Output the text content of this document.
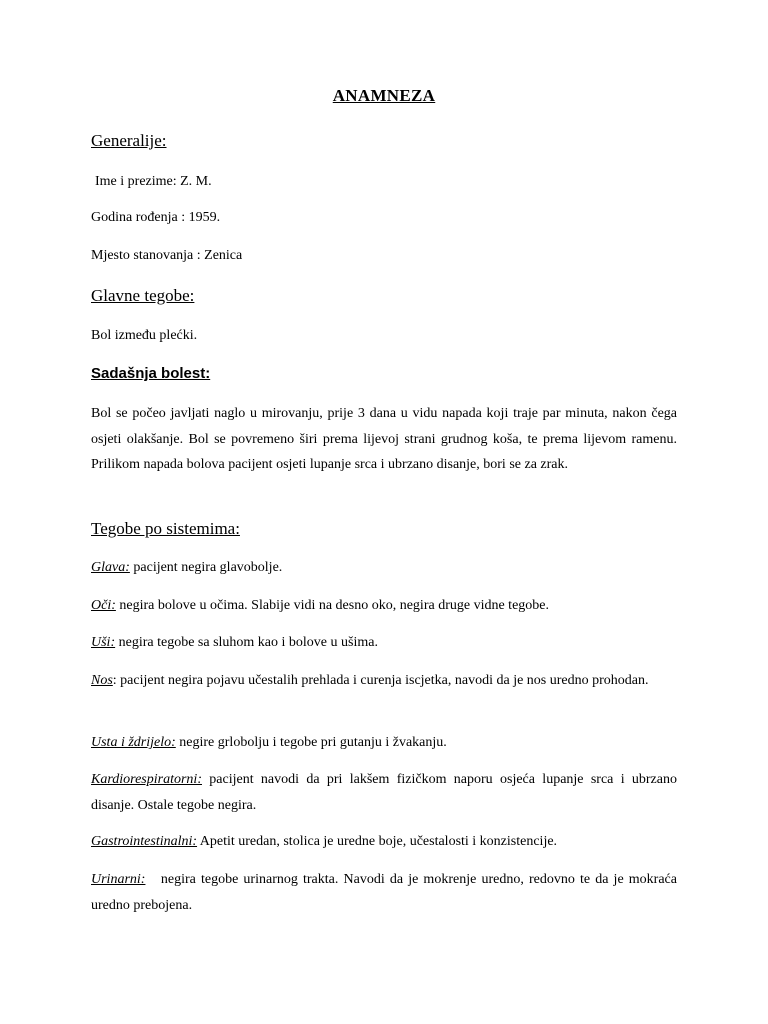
ANAMNEZA
Generalije:
Ime i prezime: Z. M.
Godina rođenja : 1959.
Mjesto stanovanja : Zenica
Glavne tegobe:
Bol između plećki.
Sadašnja bolest:
Bol se počeo javljati naglo u mirovanju, prije 3 dana u vidu napada koji traje par minuta, nakon čega osjeti olakšanje. Bol se povremeno širi prema lijevoj strani grudnog koša, te prema lijevom ramenu. Prilikom napada bolova pacijent osjeti lupanje srca i ubrzano disanje, bori se za zrak.
Tegobe po sistemima:
Glava: pacijent negira glavobolje.
Oči: negira bolove u očima. Slabije vidi na desno oko, negira druge vidne tegobe.
Uši: negira tegobe sa sluhom kao i bolove u ušima.
Nos: pacijent negira pojavu učestalih prehlada i curenja iscjetka, navodi da je nos uredno prohodan.
Usta i ždrijelo: negire grlobolju i tegobe pri gutanju i žvakanju.
Kardiorespiratorni: pacijent navodi da pri lakšem fizičkom naporu osjeća lupanje srca i ubrzano disanje. Ostale tegobe negira.
Gastrointestinalni: Apetit uredan, stolica je uredne boje, učestalosti i konzistencije.
Urinarni:   negira tegobe urinarnog trakta. Navodi da je mokrenje uredno, redovno te da je mokraća uredno prebojena.
